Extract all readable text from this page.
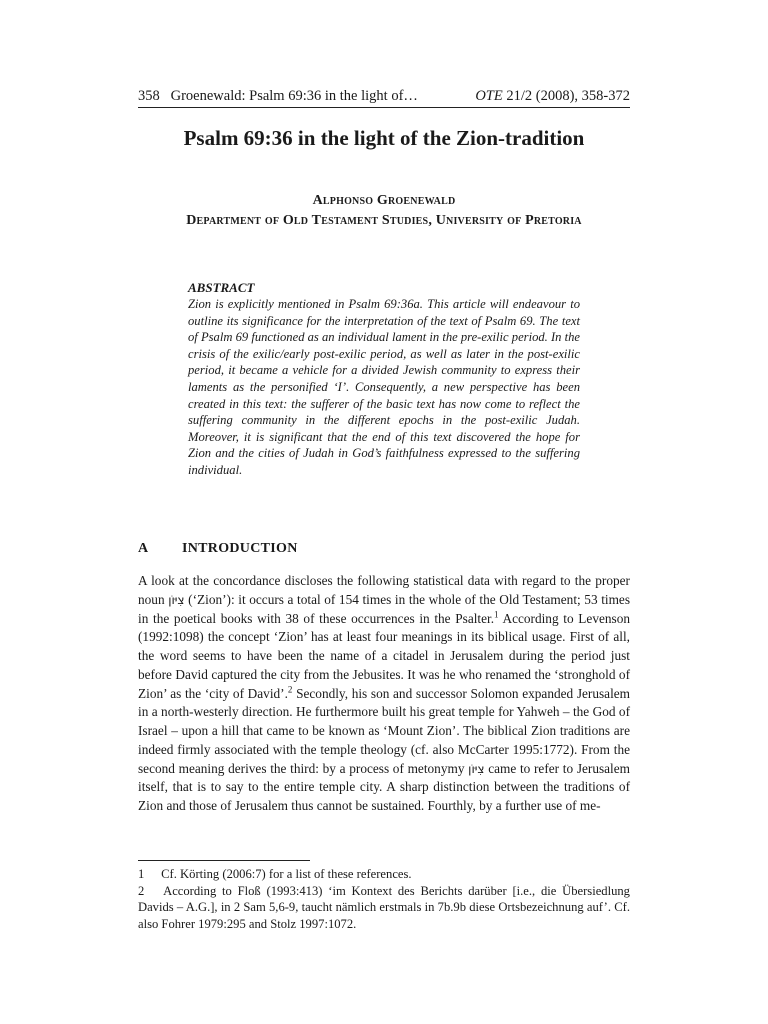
358 Groenewald: Psalm 69:36 in the light of…	OTE 21/2 (2008), 358-372
Psalm 69:36 in the light of the Zion-tradition
Alphonso Groenewald
Department of Old Testament Studies, University of Pretoria
ABSTRACT
Zion is explicitly mentioned in Psalm 69:36a. This article will endeavour to outline its significance for the interpretation of the text of Psalm 69. The text of Psalm 69 functioned as an individual lament in the pre-exilic period. In the crisis of the exilic/early post-exilic period, as well as later in the post-exilic period, it became a vehicle for a divided Jewish community to express their laments as the personified ‘I’. Consequently, a new perspective has been created in this text: the sufferer of the basic text has now come to reflect the suffering community in the different epochs in the post-exilic Judah. Moreover, it is significant that the end of this text discovered the hope for Zion and the cities of Judah in God’s faithfulness expressed to the suffering individual.
A INTRODUCTION
A look at the concordance discloses the following statistical data with regard to the proper noun צִיּוֹן (‘Zion’): it occurs a total of 154 times in the whole of the Old Testament; 53 times in the poetical books with 38 of these occurrences in the Psalter.$^1$ According to Levenson (1992:1098) the concept ‘Zion’ has at least four meanings in its biblical usage. First of all, the word seems to have been the name of a citadel in Jerusalem during the period just before David captured the city from the Jebusites. It was he who renamed the ‘stronghold of Zion’ as the ‘city of David’.$^2$ Secondly, his son and successor Solomon expanded Jerusalem in a north-westerly direction. He furthermore built his great temple for Yahweh – the God of Israel – upon a hill that came to be known as ‘Mount Zion’. The biblical Zion traditions are indeed firmly associated with the temple theology (cf. also McCarter 1995:1772). From the second meaning derives the third: by a process of metonymy צִיּוֹן came to refer to Jerusalem itself, that is to say to the entire temple city. A sharp distinction between the traditions of Zion and those of Jerusalem thus cannot be sustained. Fourthly, by a further use of me-
1 Cf. Körting (2006:7) for a list of these references.
2 According to Floß (1993:413) ‘im Kontext des Berichts darüber [i.e., die Übersiedlung Davids – A.G.], in 2 Sam 5,6-9, taucht nämlich erstmals in 7b.9b diese Ortsbezeichnung auf’. Cf. also Fohrer 1979:295 and Stolz 1997:1072.
